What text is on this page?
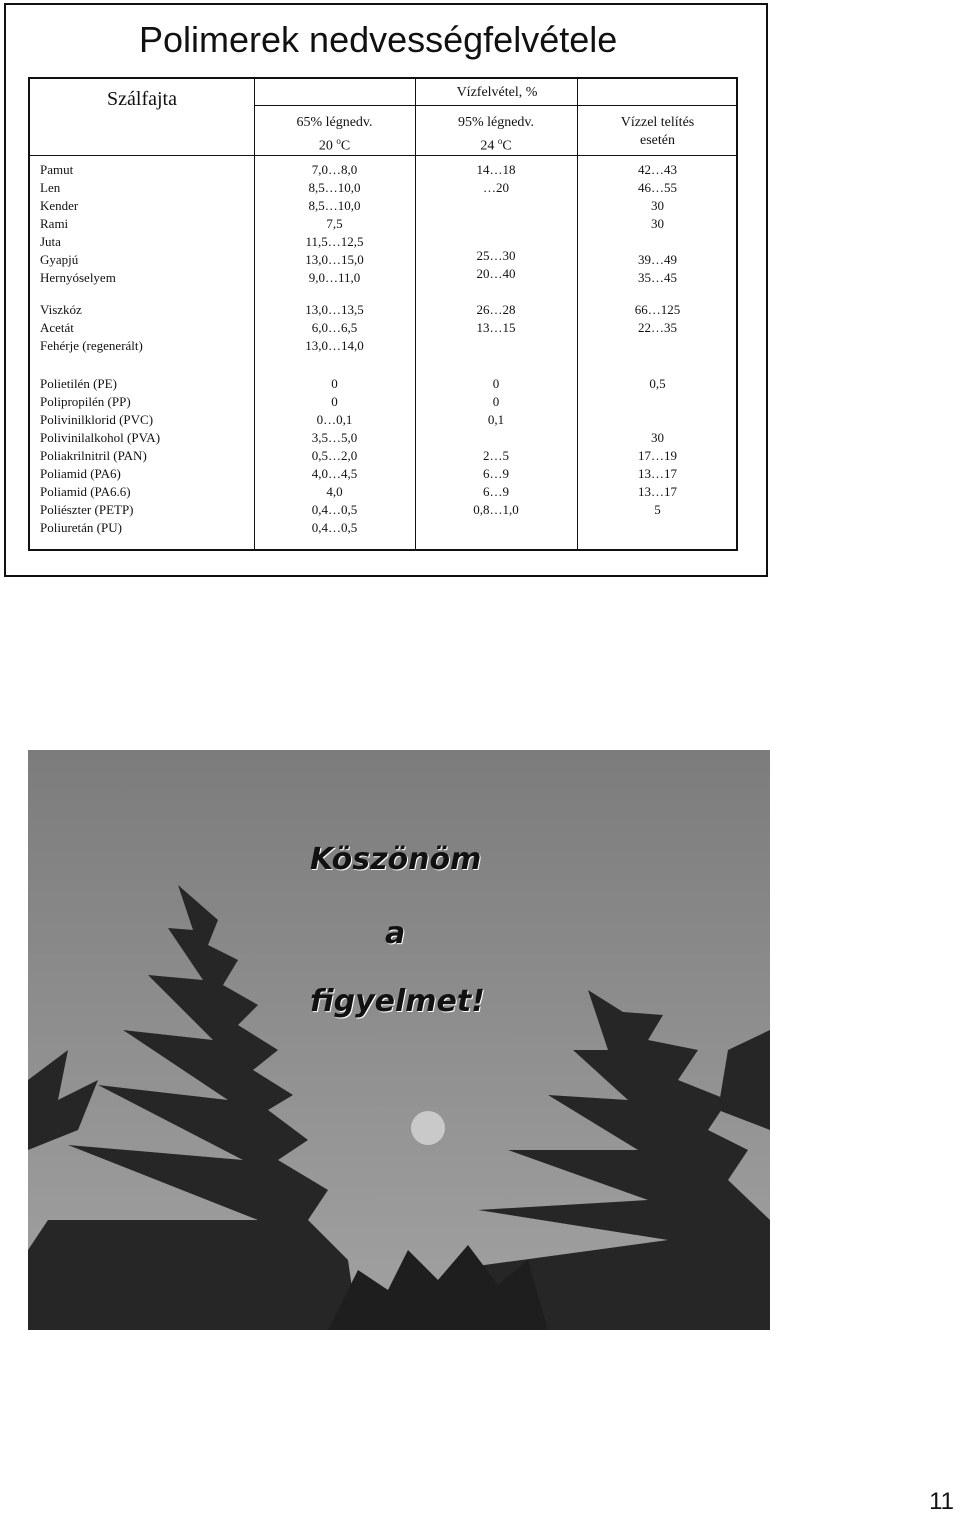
Polimerek nedvességfelvétele
Szálfajta	Vízfelvétel, %
65% légnedv.
20 $^o$C
95% légnedv.
24 $^o$C
Vízzel telítés
esetén
Pamut
Len
Kender
Rami
Juta
Gyapjú
Hernyóselyem
7,0…8,0
8,5…10,0
8,5…10,0
7,5
11,5…12,5
13,0…15,0
9,0…11,0
14…18
…20
25…30
20…40
42…43
46…55
30
30
39…49
35…45
Viszkóz
Acetát
Fehérje (regenerált)
13,0…13,5
6,0…6,5
13,0…14,0
26…28
13…15
66…125
22…35
Polietilén (PE)
Polipropilén (PP)
Polivinilklorid (PVC)
Polivinilalkohol (PVA)
Poliakrilnitril (PAN)
Poliamid (PA6)
Poliamid (PA6.6)
Poliészter (PETP)
Poliuretán (PU)
0
0
0…0,1
3,5…5,0
0,5…2,0
4,0…4,5
4,0
0,4…0,5
0,4…0,5
0
0
0,1
2…5
6…9
6…9
0,8…1,0
0,5
30
17…19
13…17
13…17
5
Köszönöm
a
figyelmet!
11
